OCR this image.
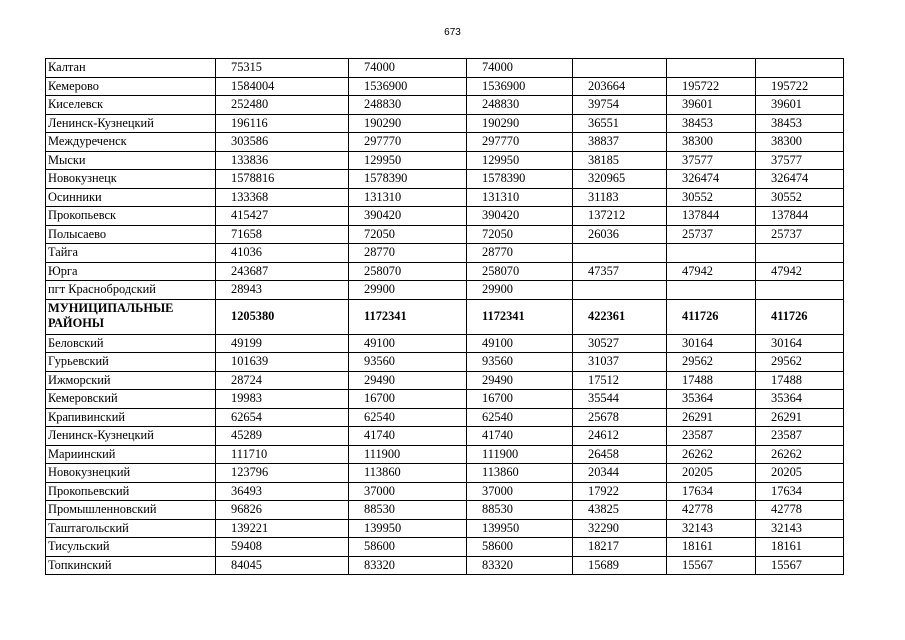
673
Калтан	75315	74000	74000			
Кемерово	1584004	1536900	1536900	203664	195722	195722
Киселевск	252480	248830	248830	39754	39601	39601
Ленинск-Кузнецкий	196116	190290	190290	36551	38453	38453
Междуреченск	303586	297770	297770	38837	38300	38300
Мыски	133836	129950	129950	38185	37577	37577
Новокузнецк	1578816	1578390	1578390	320965	326474	326474
Осинники	133368	131310	131310	31183	30552	30552
Прокопьевск	415427	390420	390420	137212	137844	137844
Полысаево	71658	72050	72050	26036	25737	25737
Тайга	41036	28770	28770			
Юрга	243687	258070	258070	47357	47942	47942
пгт Краснобродский	28943	29900	29900			
МУНИЦИПАЛЬНЫЕ РАЙОНЫ	1205380	1172341	1172341	422361	411726	411726
Беловский	49199	49100	49100	30527	30164	30164
Гурьевский	101639	93560	93560	31037	29562	29562
Ижморский	28724	29490	29490	17512	17488	17488
Кемеровский	19983	16700	16700	35544	35364	35364
Крапивинский	62654	62540	62540	25678	26291	26291
Ленинск-Кузнецкий	45289	41740	41740	24612	23587	23587
Мариинский	111710	111900	111900	26458	26262	26262
Новокузнецкий	123796	113860	113860	20344	20205	20205
Прокопьевский	36493	37000	37000	17922	17634	17634
Промышленновский	96826	88530	88530	43825	42778	42778
Таштагольский	139221	139950	139950	32290	32143	32143
Тисульский	59408	58600	58600	18217	18161	18161
Топкинский	84045	83320	83320	15689	15567	15567
